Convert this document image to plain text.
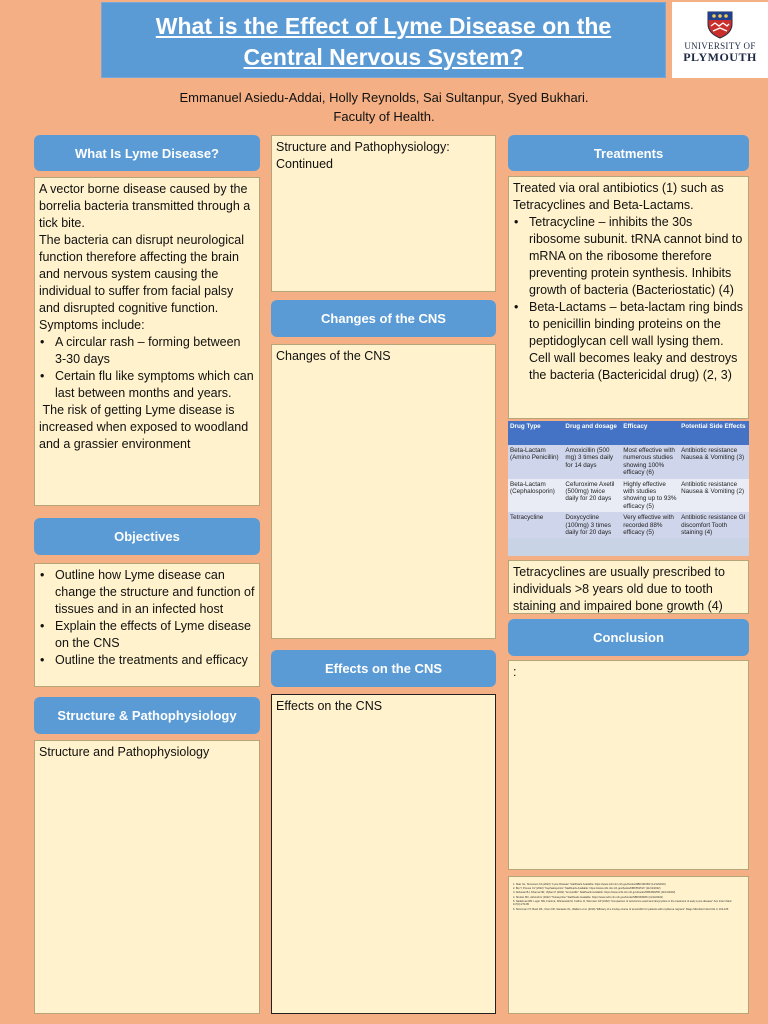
What is the Effect of Lyme Disease on the
Central Nervous System?	UNIVERSITY OF
PLYMOUTH
Emmanuel Asiedu-Addai, Holly Reynolds, Sai Sultanpur, Syed Bukhari.
Faculty of Health.
What Is Lyme Disease?
A vector borne disease caused by the borrelia bacteria transmitted through a tick bite.
The bacteria can disrupt neurological function therefore affecting the brain and nervous system causing the individual to suffer from facial palsy and disrupted cognitive function.
Symptoms include:
• A circular rash – forming between 3-30 days
• Certain flu like symptoms which can last between months and years.
The risk of getting Lyme disease is increased when exposed to woodland and a grassier environment
Objectives
• Outline how Lyme disease can change the structure and function of tissues and in an infected host
• Explain the effects of Lyme disease on the CNS
• Outline the treatments and efficacy
Structure & Pathophysiology
Structure and Pathophysiology
Structure and Pathophysiology: Continued
Changes of the CNS
Changes of the CNS
Effects on the CNS
Effects on the CNS
Treatments
Treated via oral antibiotics (1) such as Tetracyclines and Beta-Lactams.
• Tetracycline – inhibits the 30s ribosome subunit. tRNA cannot bind to mRNA on the ribosome therefore preventing protein synthesis. Inhibits growth of bacteria (Bacteriostatic) (4)
• Beta-Lactams – beta-lactam ring binds to penicillin binding proteins on the peptidoglycan cell wall lysing them. Cell wall becomes leaky and destroys the bacteria (Bactericidal drug) (2, 3)
Drug Type	Drug and dosage	Efficacy	Potential Side Effects
Beta-Lactam (Amino Penicillin)	Amoxicillin (500 mg) 3 times daily for 14 days	Most effective with numerous studies showing 100% efficacy (6)	Antibiotic resistance Nausea & Vomiting (3)
Beta-Lactam (Cephalosporin)	Cefuroxime Axetil (500mg) twice daily for 20 days	Highly effective with studies showing up to 93% efficacy (5)	Antibiotic resistance Nausea & Vomiting (2)
Tetracycline	Doxycycline (100mg) 3 times daily for 20 days	Very effective with recorded 88% efficacy (5)	Antibiotic resistance GI discomfort Tooth staining (4)
Tetracyclines are usually prescribed to individuals >8 years old due to tooth staining and impaired bone growth (4)
Conclusion
:
1. Skar GL, Simonsen KA (2022) "Lyme Disease" StatPearls Available: https://www.ncbi.nlm.nih.gov/books/NBK431066/ (11/12/2022)
2. Bui T, Preuss CV (2022) "Cephalosporins" StatPearls Available: https://www.ncbi.nlm.nih.gov/books/NBK551517/ (11/12/2022)
3. Akhavan BJ, Khanna NR, Vijhani P (2022) "Amoxicillin" StatPearls Available: https://www.ncbi.nlm.nih.gov/books/NBK482250/ (11/12/2022)
4. Shutter MC, Akhondi H (2022) "Tetracycline" StatPearls Available: https://www.ncbi.nlm.nih.gov/books/NBK549905/ (11/12/2022)
5. Nadelman RB, Luger SW, Frank E, Wisniewski M, Collins JJ, Wormser GP (1992) "Comparison of cefuroxime axetil and doxycycline in the treatment of early Lyme disease" Ann Intern Med 117(4):273-80
6. Stinnman OT, Bush WL, Chen KR, Sanaeko OL, Walters et al. (2019) "Efficacy of a 14-day course of amoxicillin for patients with erythema migrans" Diagn Microbiol Infect Dis 3, 102-106
